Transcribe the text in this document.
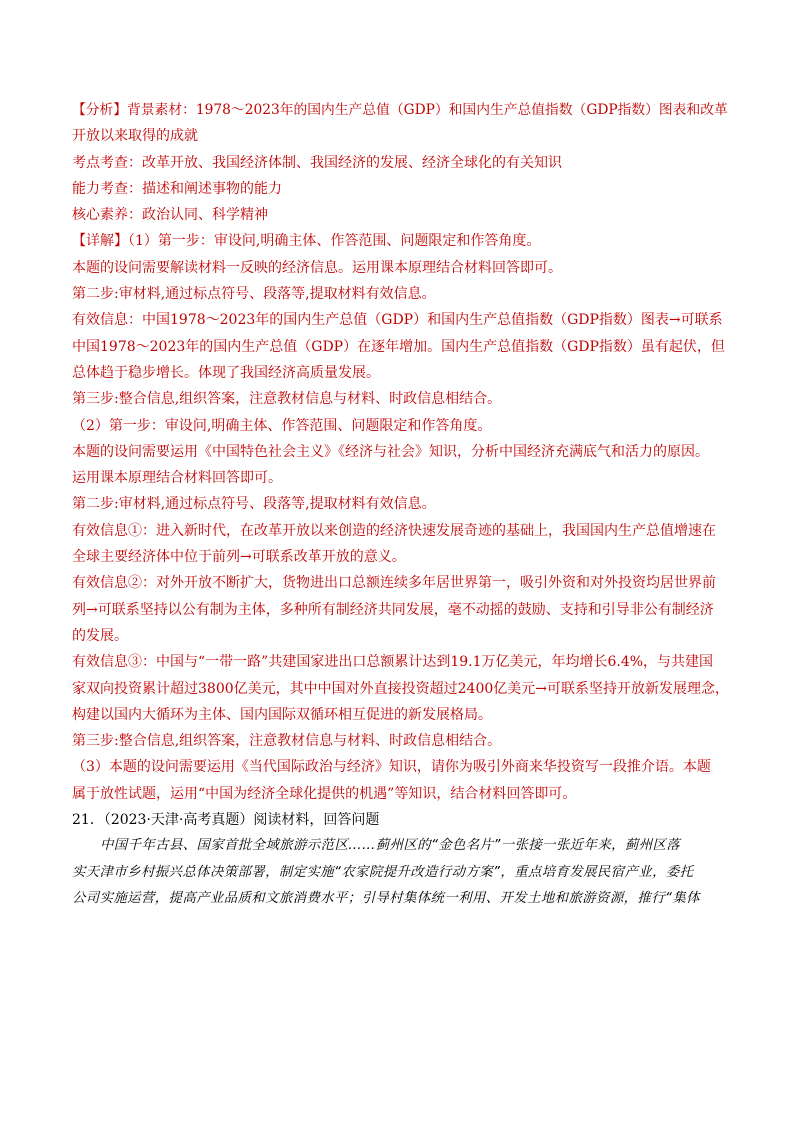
【分析】背景素材：1978～2023年的国内生产总值（GDP）和国内生产总值指数（GDP指数）图表和改革
开放以来取得的成就
考点考查：改革开放、我国经济体制、我国经济的发展、经济全球化的有关知识
能力考查：描述和阐述事物的能力
核心素养：政治认同、科学精神
【详解】（1）第一步：审设问,明确主体、作答范围、问题限定和作答角度。
本题的设问需要解读材料一反映的经济信息。运用课本原理结合材料回答即可。
第二步:审材料,通过标点符号、段落等,提取材料有效信息。
有效信息：中国1978～2023年的国内生产总值（GDP）和国内生产总值指数（GDP指数）图表→可联系
中国1978～2023年的国内生产总值（GDP）在逐年增加。国内生产总值指数（GDP指数）虽有起伏，但
总体趋于稳步增长。体现了我国经济高质量发展。
第三步:整合信息,组织答案，注意教材信息与材料、时政信息相结合。
（2）第一步：审设问,明确主体、作答范围、问题限定和作答角度。
本题的设问需要运用《中国特色社会主义》《经济与社会》知识，分析中国经济充满底气和活力的原因。
运用课本原理结合材料回答即可。
第二步:审材料,通过标点符号、段落等,提取材料有效信息。
有效信息①：进入新时代，在改革开放以来创造的经济快速发展奇迹的基础上，我国国内生产总值增速在
全球主要经济体中位于前列→可联系改革开放的意义。
有效信息②：对外开放不断扩大，货物进出口总额连续多年居世界第一，吸引外资和对外投资均居世界前
列→可联系坚持以公有制为主体，多种所有制经济共同发展，毫不动摇的鼓励、支持和引导非公有制经济
的发展。
有效信息③：中国与“一带一路”共建国家进出口总额累计达到19.1万亿美元，年均增长6.4%，与共建国
家双向投资累计超过3800亿美元，其中中国对外直接投资超过2400亿美元→可联系坚持开放新发展理念，
构建以国内大循环为主体、国内国际双循环相互促进的新发展格局。
第三步:整合信息,组织答案，注意教材信息与材料、时政信息相结合。
（3）本题的设问需要运用《当代国际政治与经济》知识，请你为吸引外商来华投资写一段推介语。本题
属于放性试题，运用“中国为经济全球化提供的机遇”等知识，结合材料回答即可。
21．（2023·天津·高考真题）阅读材料，回答问题
中国千年古县、国家首批全域旅游示范区……蓟州区的“金色名片”一张接一张近年来，蓟州区落
实天津市乡村振兴总体决策部署，制定实施“农家院提升改造行动方案”，重点培育发展民宿产业，委托
公司实施运营，提高产业品质和文旅消费水平；引导村集体统一利用、开发土地和旅游资源，推行“集体
